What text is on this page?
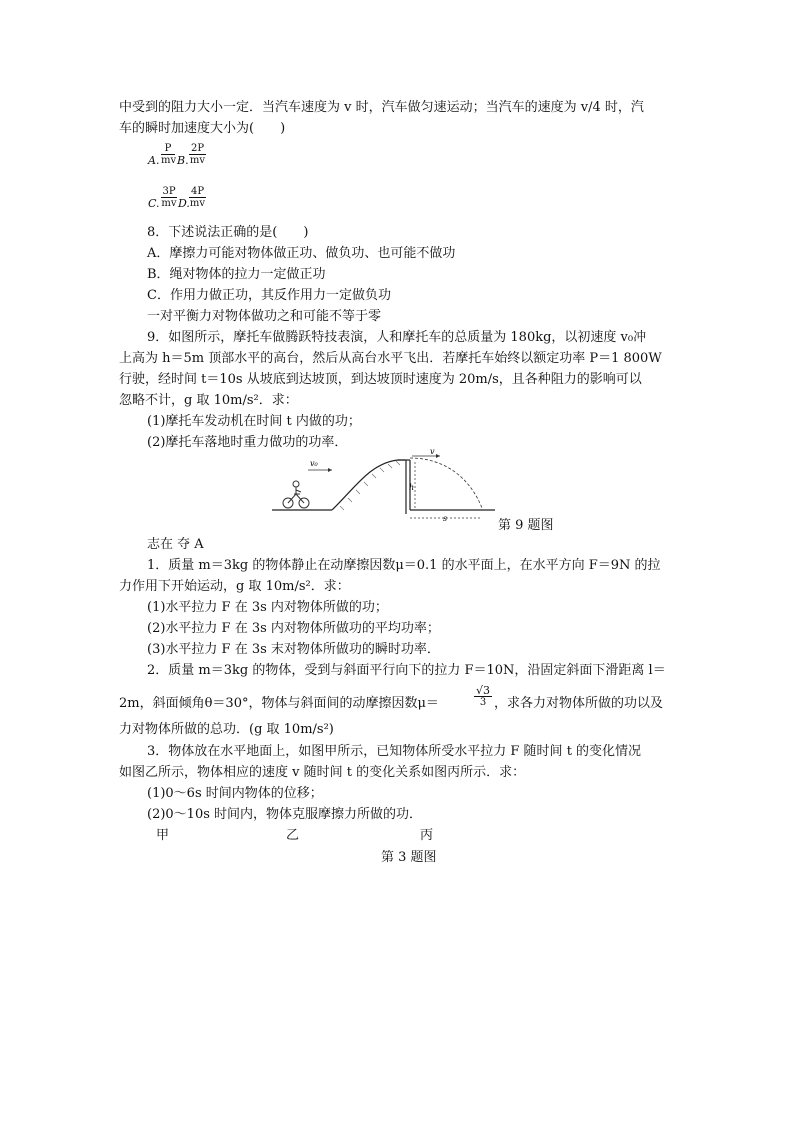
中受到的阻力大小一定．当汽车速度为 v 时，汽车做匀速运动；当汽车的速度为 v/4 时，汽
车的瞬时加速度大小为(　　)
A.
P
mv B.
2P
mv
C.
3P
mv D.
4P
mv
8．下述说法正确的是(　　)
A．摩擦力可能对物体做正功、做负功、也可能不做功
B．绳对物体的拉力一定做正功
C．作用力做正功，其反作用力一定做负功
一对平衡力对物体做功之和可能不等于零
9．如图所示，摩托车做腾跃特技表演，人和摩托车的总质量为 180kg，以初速度 v₀冲
上高为 h＝5m 顶部水平的高台，然后从高台水平飞出．若摩托车始终以额定功率 P＝1 800W
行驶，经时间 t＝10s 从坡底到达坡顶，到达坡顶时速度为 20m/s，且各种阻力的影响可以
忽略不计，g 取 10m/s²．求：
(1)摩托车发动机在时间 t 内做的功；
(2)摩托车落地时重力做功的功率．
h
v
s
v₀
第 9 题图
志在 夺 A
1．质量 m＝3kg 的物体静止在动摩擦因数μ＝0.1 的水平面上，在水平方向 F＝9N 的拉
力作用下开始运动，g 取 10m/s²．求：
(1)水平拉力 F 在 3s 内对物体所做的功；
(2)水平拉力 F 在 3s 内对物体所做功的平均功率；
(3)水平拉力 F 在 3s 末对物体所做功的瞬时功率．
2．质量 m＝3kg 的物体，受到与斜面平行向下的拉力 F＝10N，沿固定斜面下滑距离 l＝
2m，斜面倾角θ＝30°，物体与斜面间的动摩擦因数μ＝
√3
3 ，求各力对物体所做的功以及
力对物体所做的总功．(g 取 10m/s²)
3．物体放在水平地面上，如图甲所示，已知物体所受水平拉力 F 随时间 t 的变化情况
如图乙所示，物体相应的速度 v 随时间 t 的变化关系如图丙所示．求：
(1)0～6s 时间内物体的位移；
(2)0～10s 时间内，物体克服摩擦力所做的功．
甲	乙	丙
第 3 题图
